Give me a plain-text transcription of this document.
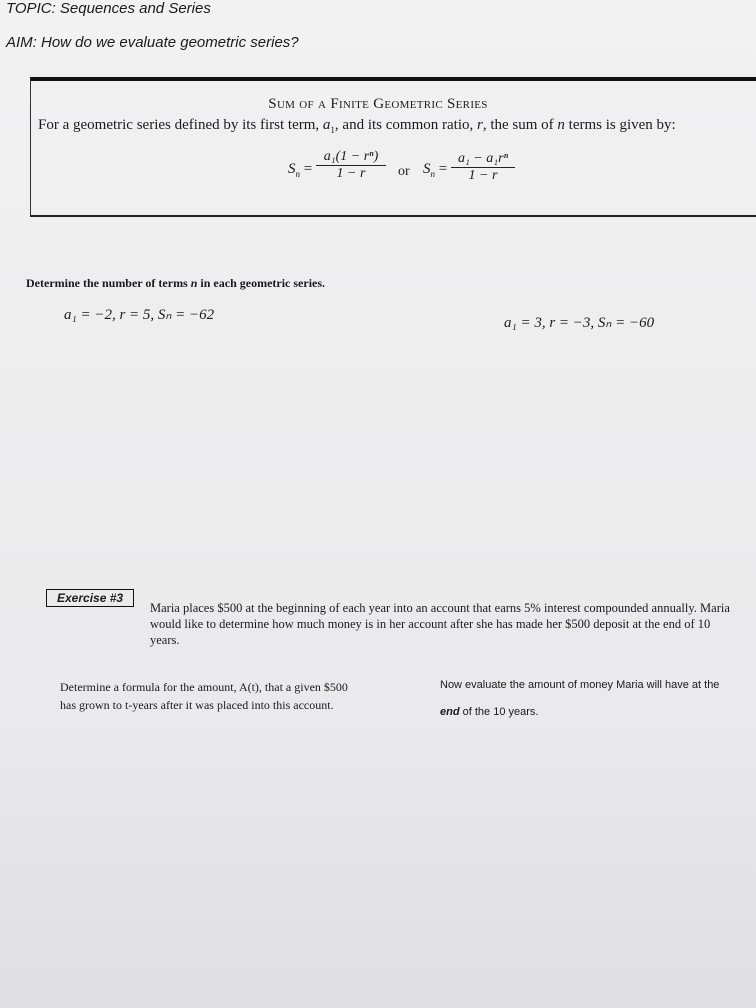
TOPIC: Sequences and Series
AIM: How do we evaluate geometric series?
Sum of a Finite Geometric Series
For a geometric series defined by its first term, $a_1$, and its common ratio, r, the sum of n terms is given by:
$S_n = \frac{\text{a₁(1 − rⁿ)}}{1 - r}$ or $S_n = \frac{\text{a₁ − a₁rⁿ}}{1 - r}$
Determine the number of terms n in each geometric series.
a₁ = −2, r = 5, Sₙ = −62	a₁ = 3, r = −3, Sₙ = −60
Exercise #3
Maria places $500 at the beginning of each year into an account that earns 5% interest compounded annually. Maria would like to determine how much money is in her account after she has made her $500 deposit at the end of 10 years.
Determine a formula for the amount, A(t), that a given $500 has grown to t-years after it was placed into this account.
Now evaluate the amount of money Maria will have at the end of the 10 years.
